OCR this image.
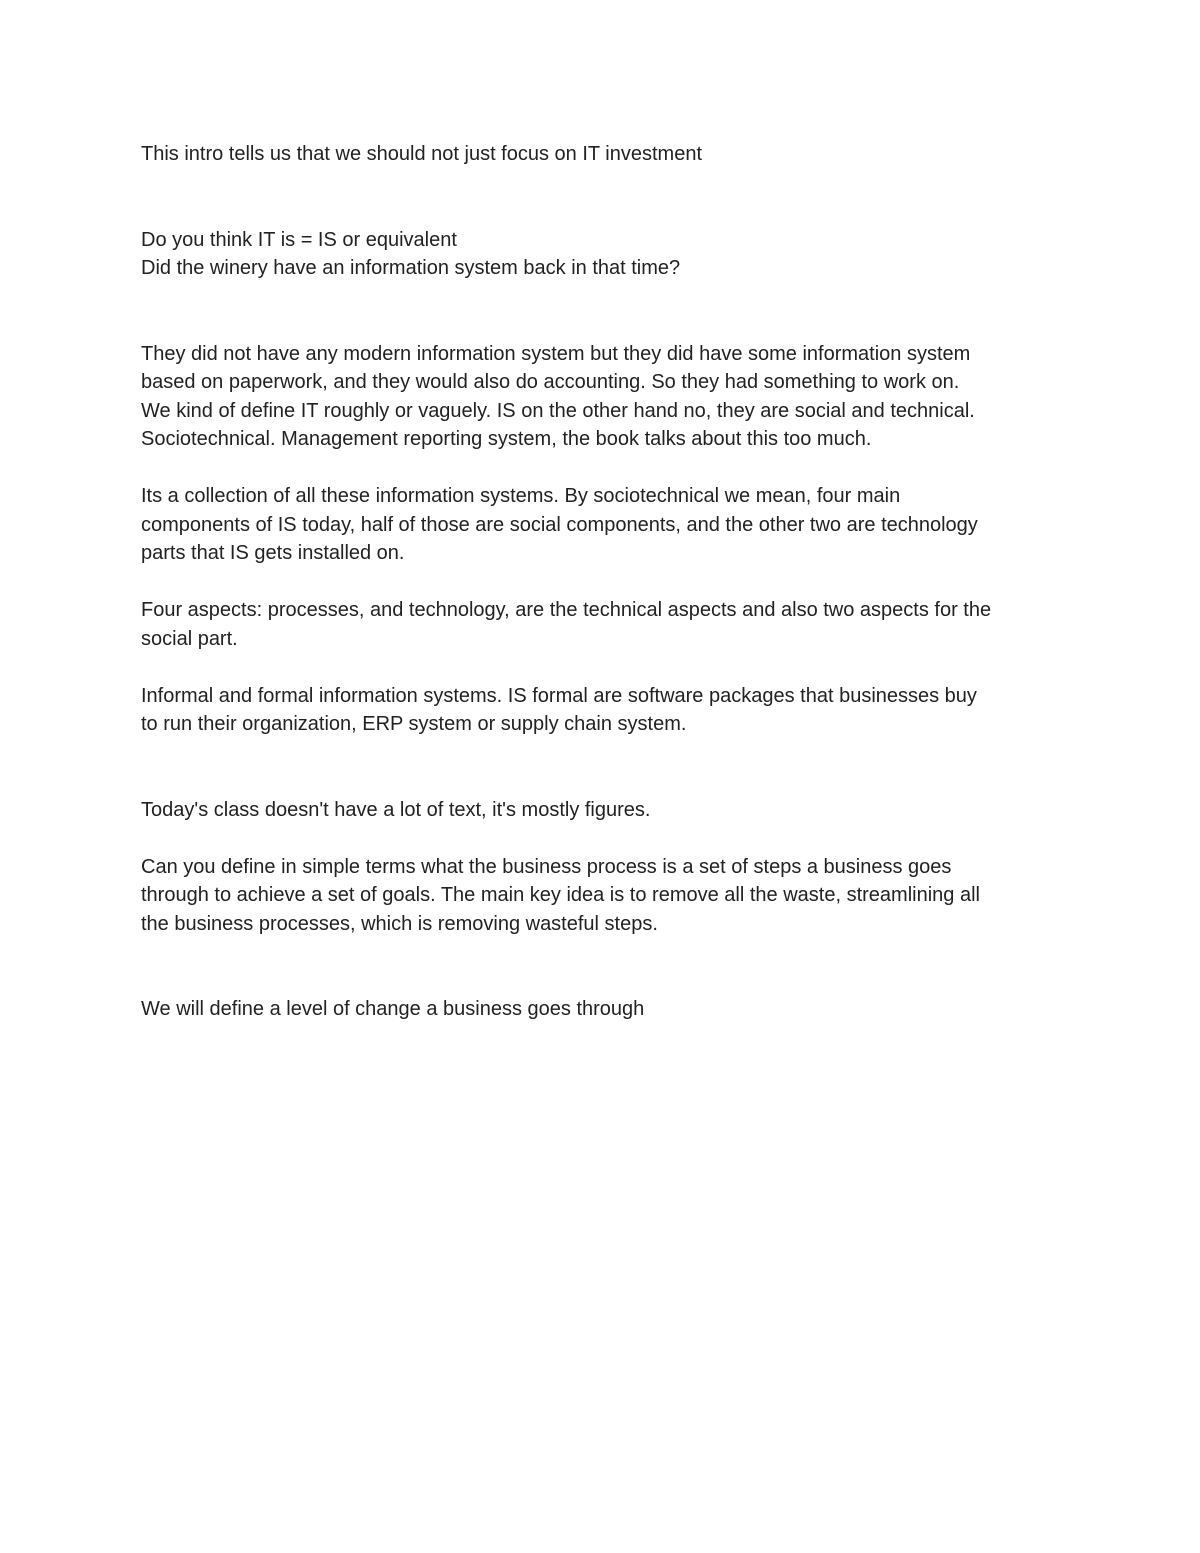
This intro tells us that we should not just focus on IT investment

Do you think IT is = IS or equivalent
Did the winery have an information system back in that time?

They did not have any modern information system but they did have some information system
based on paperwork, and they would also do accounting. So they had something to work on.
We kind of define IT roughly or vaguely. IS on the other hand no, they are social and technical.
Sociotechnical. Management reporting system, the book talks about this too much.

Its a collection of all these information systems. By sociotechnical we mean, four main
components of IS today, half of those are social components, and the other two are technology
parts that IS gets installed on.

Four aspects: processes, and technology, are the technical aspects and also two aspects for the
social part.

Informal and formal information systems. IS formal are software packages that businesses buy
to run their organization, ERP system or supply chain system.

Today's class doesn't have a lot of text, it's mostly figures.

Can you define in simple terms what the business process is a set of steps a business goes
through to achieve a set of goals. The main key idea is to remove all the waste, streamlining all
the business processes, which is removing wasteful steps.

We will define a level of change a business goes through
